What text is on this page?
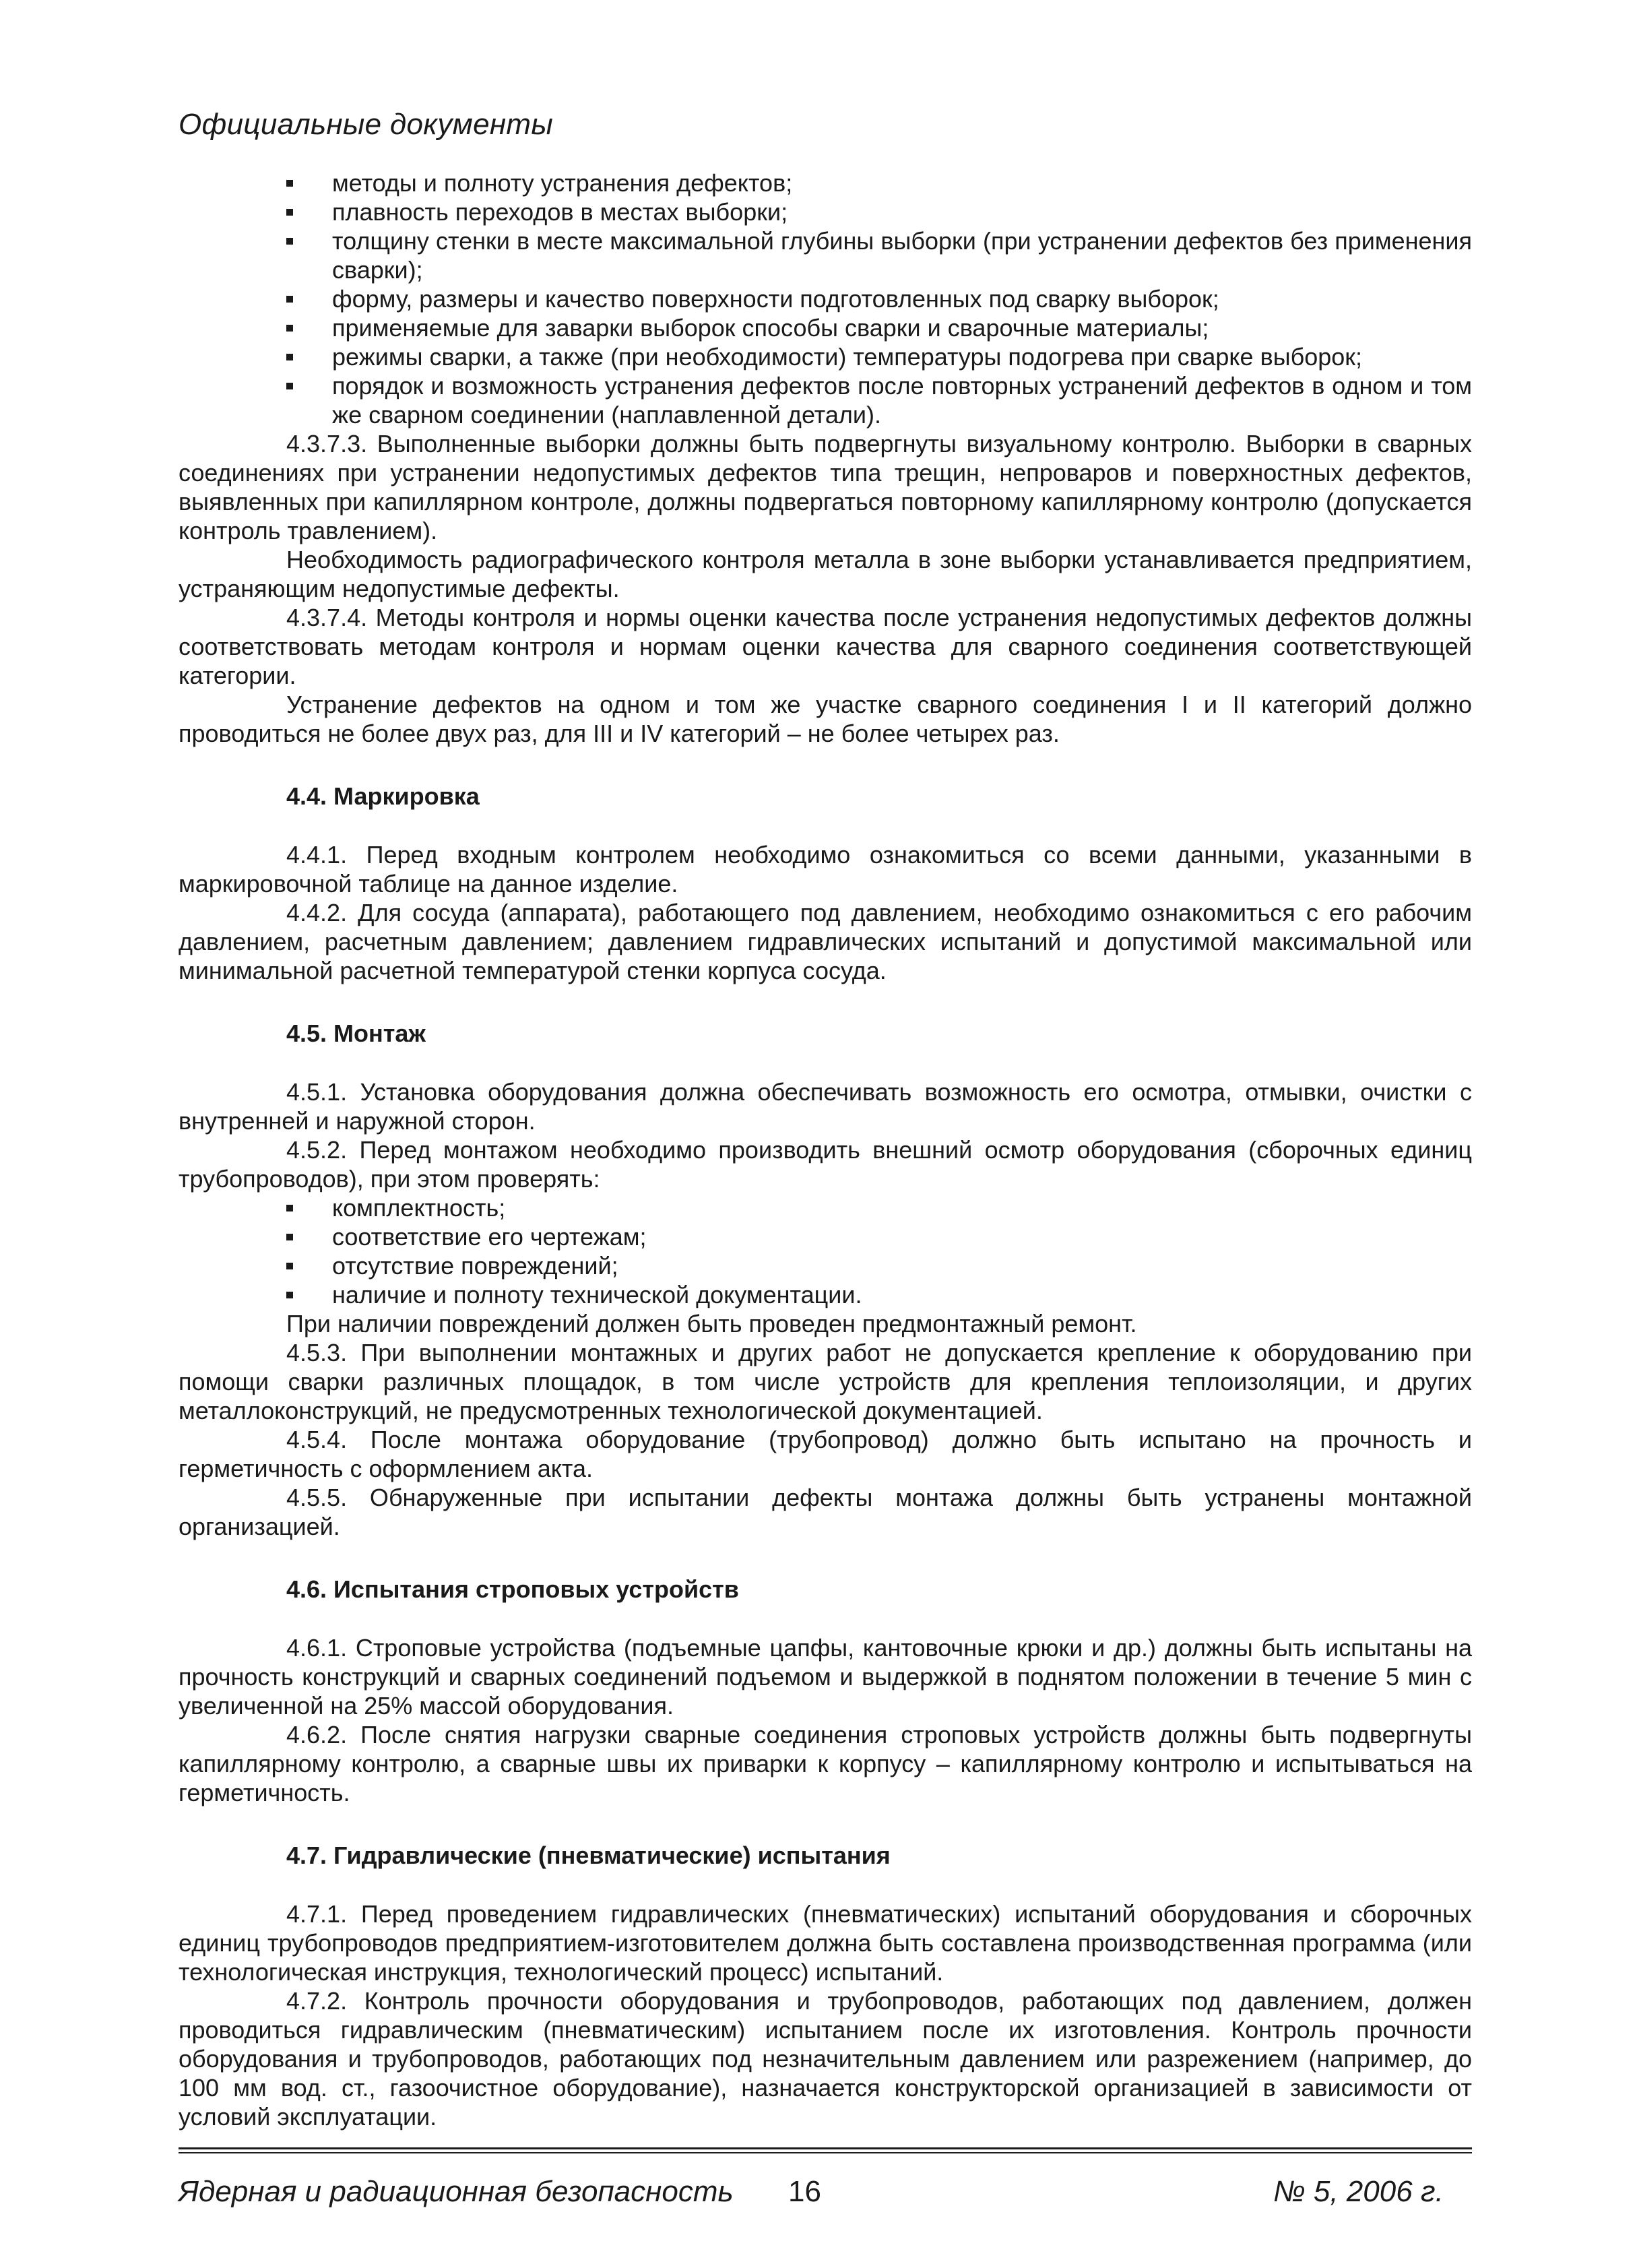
Официальные документы
методы и полноту устранения дефектов;
плавность переходов в местах выборки;
толщину стенки в месте максимальной глубины выборки (при устранении дефектов без применения сварки);
форму, размеры и качество поверхности подготовленных под сварку выборок;
применяемые для заварки выборок способы сварки и сварочные материалы;
режимы сварки, а также (при необходимости) температуры подогрева при сварке выборок;
порядок и возможность устранения дефектов после повторных устранений дефектов в одном и том же сварном соединении (наплавленной детали).

4.3.7.3. Выполненные выборки должны быть подвергнуты визуальному контролю. Выборки в сварных соединениях при устранении недопустимых дефектов типа трещин, непроваров и поверхностных дефектов, выявленных при капиллярном контроле, должны подвергаться повторному капиллярному контролю (допускается контроль травлением).

Необходимость радиографического контроля металла в зоне выборки устанавливается предприятием, устраняющим недопустимые дефекты.

4.3.7.4. Методы контроля и нормы оценки качества после устранения недопустимых дефектов должны соответствовать методам контроля и нормам оценки качества для сварного соединения соответствующей категории.

Устранение дефектов на одном и том же участке сварного соединения I и II категорий должно проводиться не более двух раз, для III и IV категорий – не более четырех раз.

4.4. Маркировка

4.4.1. Перед входным контролем необходимо ознакомиться со всеми данными, указанными в маркировочной таблице на данное изделие.

4.4.2. Для сосуда (аппарата), работающего под давлением, необходимо ознакомиться с его рабочим давлением, расчетным давлением; давлением гидравлических испытаний и допустимой максимальной или минимальной расчетной температурой стенки корпуса сосуда.

4.5. Монтаж

4.5.1. Установка оборудования должна обеспечивать возможность его осмотра, отмывки, очистки с внутренней и наружной сторон.

4.5.2. Перед монтажом необходимо производить внешний осмотр оборудования (сборочных единиц трубопроводов), при этом проверять:

комплектность;
соответствие его чертежам;
отсутствие повреждений;
наличие и полноту технической документации.

При наличии повреждений должен быть проведен предмонтажный ремонт.

4.5.3. При выполнении монтажных и других работ не допускается крепление к оборудованию при помощи сварки различных площадок, в том числе устройств для крепления теплоизоляции, и других металлоконструкций, не предусмотренных технологической документацией.

4.5.4. После монтажа оборудование (трубопровод) должно быть испытано на прочность и герметичность с оформлением акта.

4.5.5. Обнаруженные при испытании дефекты монтажа должны быть устранены монтажной организацией.

4.6. Испытания строповых устройств

4.6.1. Строповые устройства (подъемные цапфы, кантовочные крюки и др.) должны быть испытаны на прочность конструкций и сварных соединений подъемом и выдержкой в поднятом положении в течение 5 мин с увеличенной на 25% массой оборудования.

4.6.2. После снятия нагрузки сварные соединения строповых устройств должны быть подвергнуты капиллярному контролю, а сварные швы их приварки к корпусу – капиллярному контролю и испытываться на герметичность.

4.7. Гидравлические (пневматические) испытания

4.7.1. Перед проведением гидравлических (пневматических) испытаний оборудования и сборочных единиц трубопроводов предприятием-изготовителем должна быть составлена производственная программа (или технологическая инструкция, технологический процесс) испытаний.

4.7.2. Контроль прочности оборудования и трубопроводов, работающих под давлением, должен проводиться гидравлическим (пневматическим) испытанием после их изготовления. Контроль прочности оборудования и трубопроводов, работающих под незначительным давлением или разрежением (например, до 100 мм вод. ст., газоочистное оборудование), назначается конструкторской организацией в зависимости от условий эксплуатации.

Ядерная и радиационная безопасность 16	№ 5, 2006 г.
